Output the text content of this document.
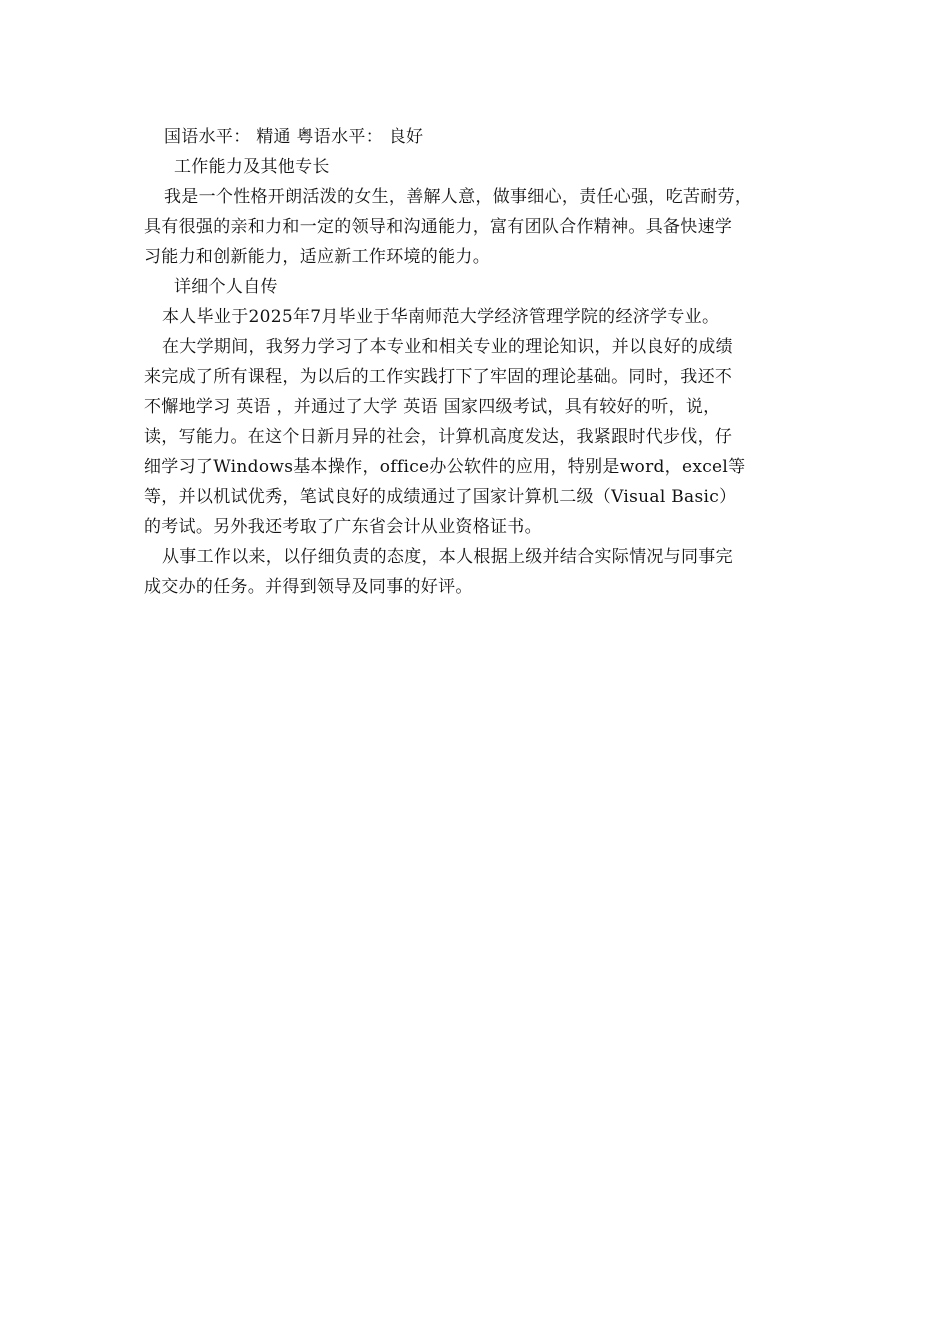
国语水平： 精通 粤语水平： 良好
工作能力及其他专长
我是一个性格开朗活泼的女生，善解人意，做事细心，责任心强，吃苦耐劳，
具有很强的亲和力和一定的领导和沟通能力，富有团队合作精神。具备快速学
习能力和创新能力，适应新工作环境的能力。
详细个人自传
本人毕业于2025年7月毕业于华南师范大学经济管理学院的经济学专业。
在大学期间，我努力学习了本专业和相关专业的理论知识，并以良好的成绩
来完成了所有课程，为以后的工作实践打下了牢固的理论基础。同时，我还不
不懈地学习 英语 ，并通过了大学 英语 国家四级考试，具有较好的听，说，
读，写能力。在这个日新月异的社会，计算机高度发达，我紧跟时代步伐，仔
细学习了Windows基本操作，office办公软件的应用，特别是word，excel等
等，并以机试优秀，笔试良好的成绩通过了国家计算机二级（Visual Basic）
的考试。另外我还考取了广东省会计从业资格证书。
从事工作以来，以仔细负责的态度，本人根据上级并结合实际情况与同事完
成交办的任务。并得到领导及同事的好评。
